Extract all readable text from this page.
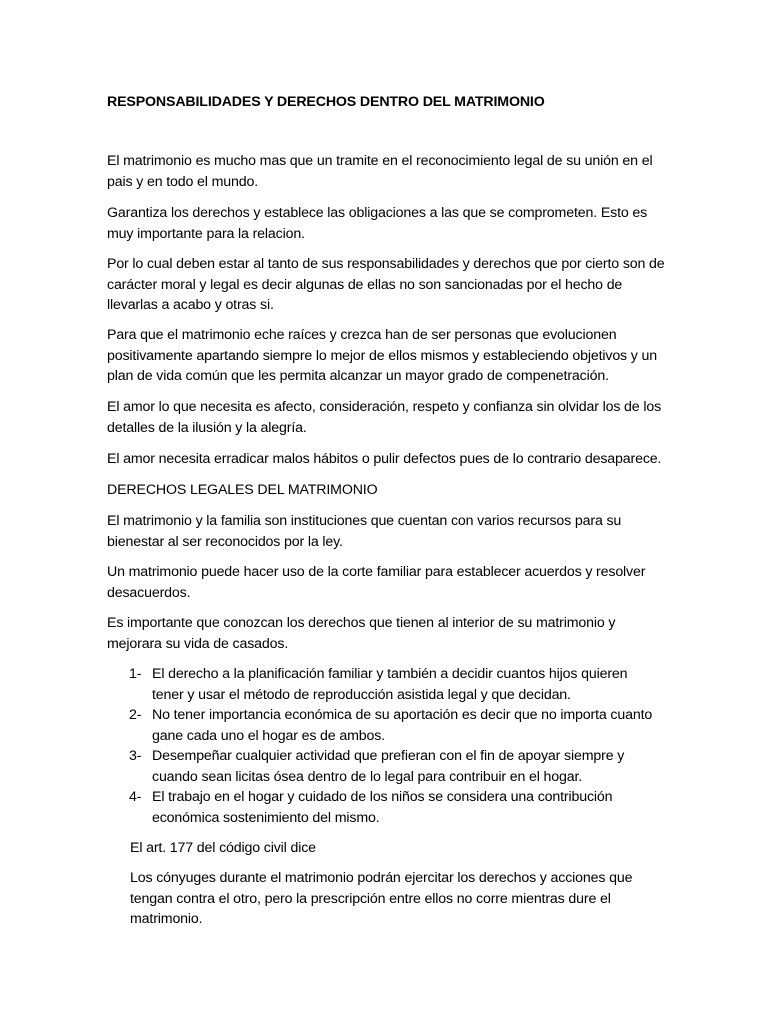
RESPONSABILIDADES Y DERECHOS DENTRO DEL MATRIMONIO

El matrimonio es mucho mas que un tramite en el reconocimiento legal de su unión en el
pais y en todo el mundo.

Garantiza los derechos y establece las obligaciones a las que se comprometen. Esto es
muy importante para la relacion.

Por lo cual deben estar al tanto de sus responsabilidades y derechos que por cierto son de
carácter moral y legal es decir algunas de ellas no son sancionadas por el hecho de
llevarlas a acabo y otras si.

Para que el matrimonio eche raíces y crezca han de ser personas que evolucionen
positivamente apartando siempre lo mejor de ellos mismos y estableciendo objetivos y un
plan de vida común que les permita alcanzar un mayor grado de compenetración.

El amor lo que necesita es afecto, consideración, respeto y confianza sin olvidar los de los
detalles de la ilusión y la alegría.

El amor necesita erradicar malos hábitos o pulir defectos pues de lo contrario desaparece.

DERECHOS LEGALES DEL MATRIMONIO

El matrimonio y la familia son instituciones que cuentan con varios recursos para su
bienestar al ser reconocidos por la ley.

Un matrimonio puede hacer uso de la corte familiar para establecer acuerdos y resolver
desacuerdos.

Es importante que conozcan los derechos que tienen al interior de su matrimonio y
mejorara su vida de casados.

1- El derecho a la planificación familiar y también a decidir cuantos hijos quieren
tener y usar el método de reproducción asistida legal y que decidan.

2- No tener importancia económica de su aportación es decir que no importa cuanto
gane cada uno el hogar es de ambos.

3- Desempeñar cualquier actividad que prefieran con el fin de apoyar siempre y
cuando sean licitas ósea dentro de lo legal para contribuir en el hogar.

4- El trabajo en el hogar y cuidado de los niños se considera una contribución
económica sostenimiento del mismo.

El art. 177 del código civil dice

Los cónyuges durante el matrimonio podrán ejercitar los derechos y acciones que
tengan contra el otro, pero la prescripción entre ellos no corre mientras dure el
matrimonio.
